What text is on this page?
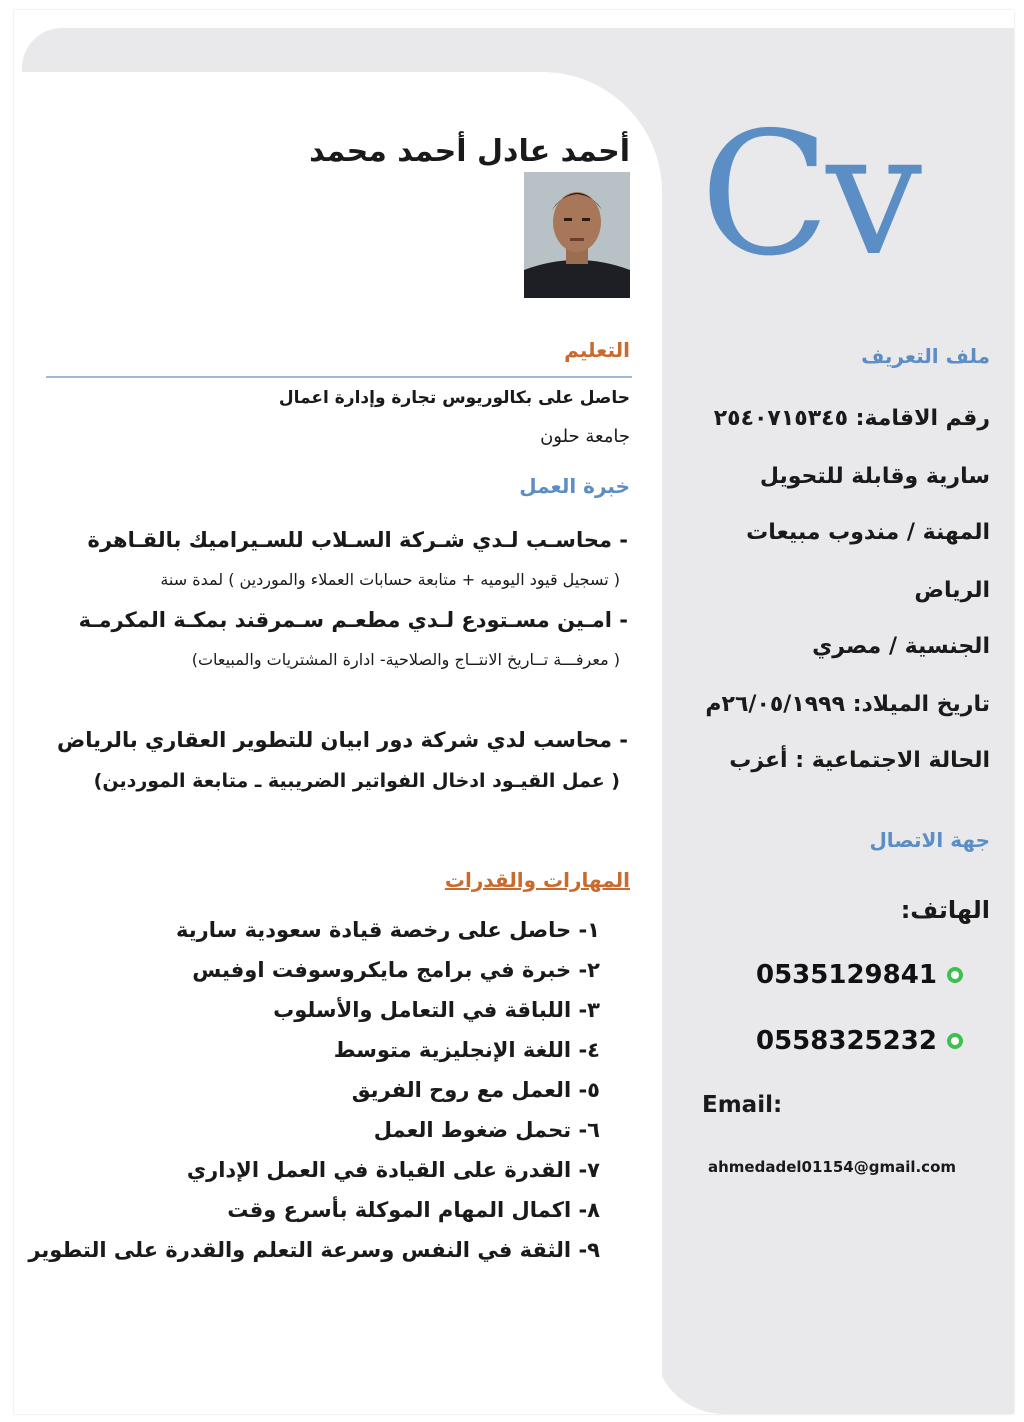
Cv
أحمد عادل أحمد محمد
التعليم
حاصل على بكالوريوس تجارة وإدارة اعمال
جامعة حلون
خبرة العمل
- محاسـب لـدي شـركة السـلاب للسـيراميك بالقـاهرة
( تسجيل قيود اليوميه + متابعة حسابات العملاء والموردين ) لمدة سنة
- امـين مسـتودع لـدي مطعـم سـمرقند بمكـة المكرمـة
( معرفـــة تــاريخ الانتــاج والصلاحية- ادارة المشتريات والمبيعات)
- محاسب لدي شركة دور ابيان للتطوير العقاري بالرياض
( عمل القيـود ادخال الفواتير الضريبية ـ متابعة الموردين)
المهارات والقدرات
١- حاصل على رخصة قيادة سعودية سارية
٢- خبرة في برامج مايكروسوفت اوفيس
٣- اللباقة في التعامل والأسلوب
٤- اللغة الإنجليزية متوسط
٥- العمل مع روح الفريق
٦- تحمل ضغوط العمل
٧- القدرة على القيادة في العمل الإداري
٨- اكمال المهام الموكلة بأسرع وقت
٩- الثقة في النفس وسرعة التعلم والقدرة على التطوير
ملف التعريف
رقم الاقامة: ٢٥٤٠٧١٥٣٤٥
سارية وقابلة للتحويل
المهنة / مندوب مبيعات
الرياض
الجنسية / مصري
تاريخ الميلاد: ٢٦/٠٥/١٩٩٩م
الحالة الاجتماعية : أعزب
جهة الاتصال
الهاتف:
0535129841
0558325232
Email:
ahmedadel01154@gmail.com
